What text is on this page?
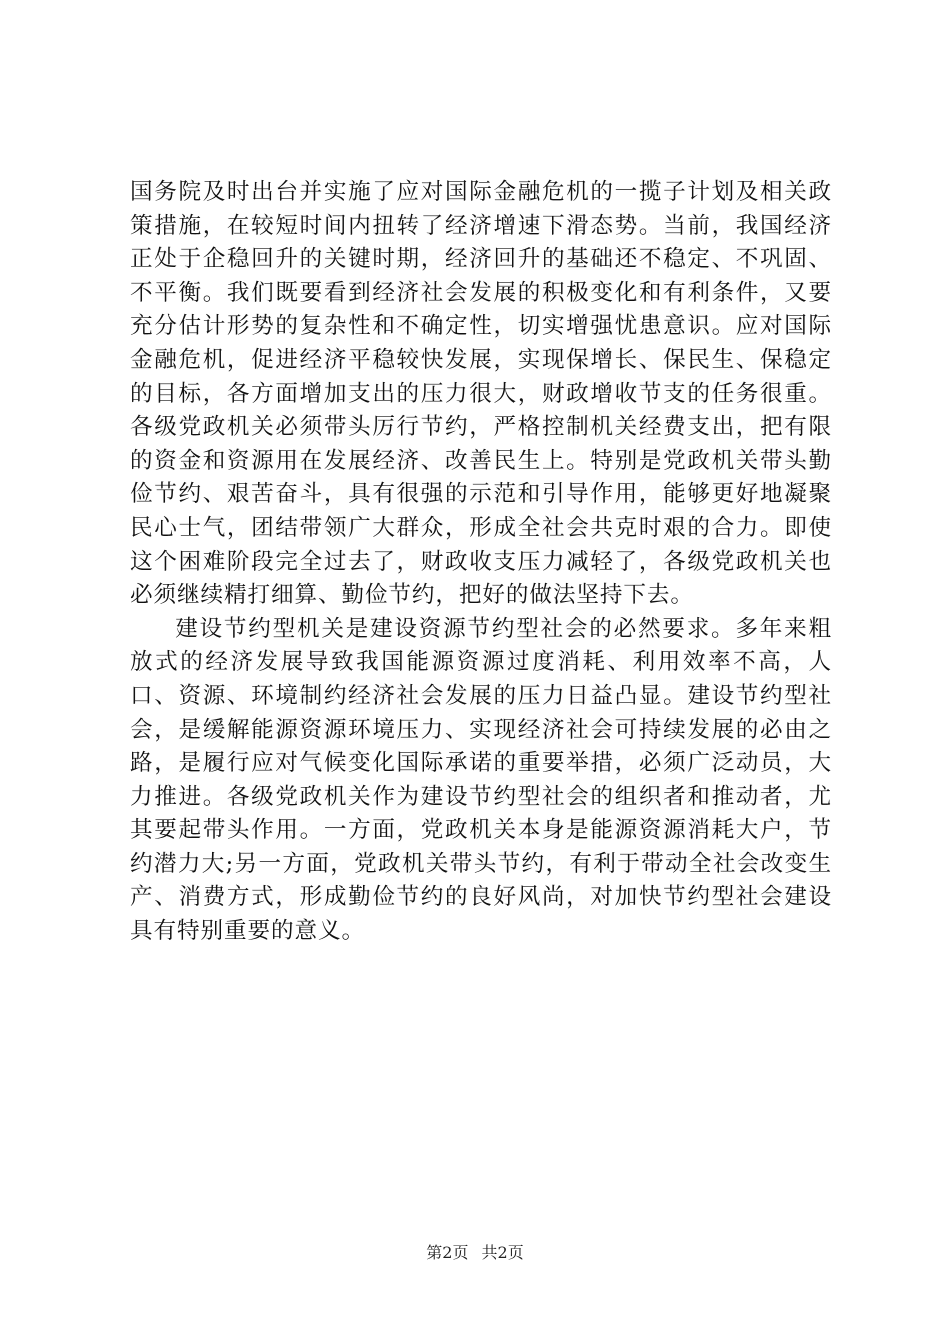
国务院及时出台并实施了应对国际金融危机的一揽子计划及相关政策措施，在较短时间内扭转了经济增速下滑态势。当前，我国经济正处于企稳回升的关键时期，经济回升的基础还不稳定、不巩固、不平衡。我们既要看到经济社会发展的积极变化和有利条件，又要充分估计形势的复杂性和不确定性，切实增强忧患意识。应对国际金融危机，促进经济平稳较快发展，实现保增长、保民生、保稳定的目标，各方面增加支出的压力很大，财政增收节支的任务很重。各级党政机关必须带头厉行节约，严格控制机关经费支出，把有限的资金和资源用在发展经济、改善民生上。特别是党政机关带头勤俭节约、艰苦奋斗，具有很强的示范和引导作用，能够更好地凝聚民心士气，团结带领广大群众，形成全社会共克时艰的合力。即使这个困难阶段完全过去了，财政收支压力减轻了，各级党政机关也必须继续精打细算、勤俭节约，把好的做法坚持下去。

建设节约型机关是建设资源节约型社会的必然要求。多年来粗放式的经济发展导致我国能源资源过度消耗、利用效率不高，人口、资源、环境制约经济社会发展的压力日益凸显。建设节约型社会，是缓解能源资源环境压力、实现经济社会可持续发展的必由之路，是履行应对气候变化国际承诺的重要举措，必须广泛动员，大力推进。各级党政机关作为建设节约型社会的组织者和推动者，尤其要起带头作用。一方面，党政机关本身是能源资源消耗大户，节约潜力大;另一方面，党政机关带头节约，有利于带动全社会改变生产、消费方式，形成勤俭节约的良好风尚，对加快节约型社会建设具有特别重要的意义。

第2页 共2页
